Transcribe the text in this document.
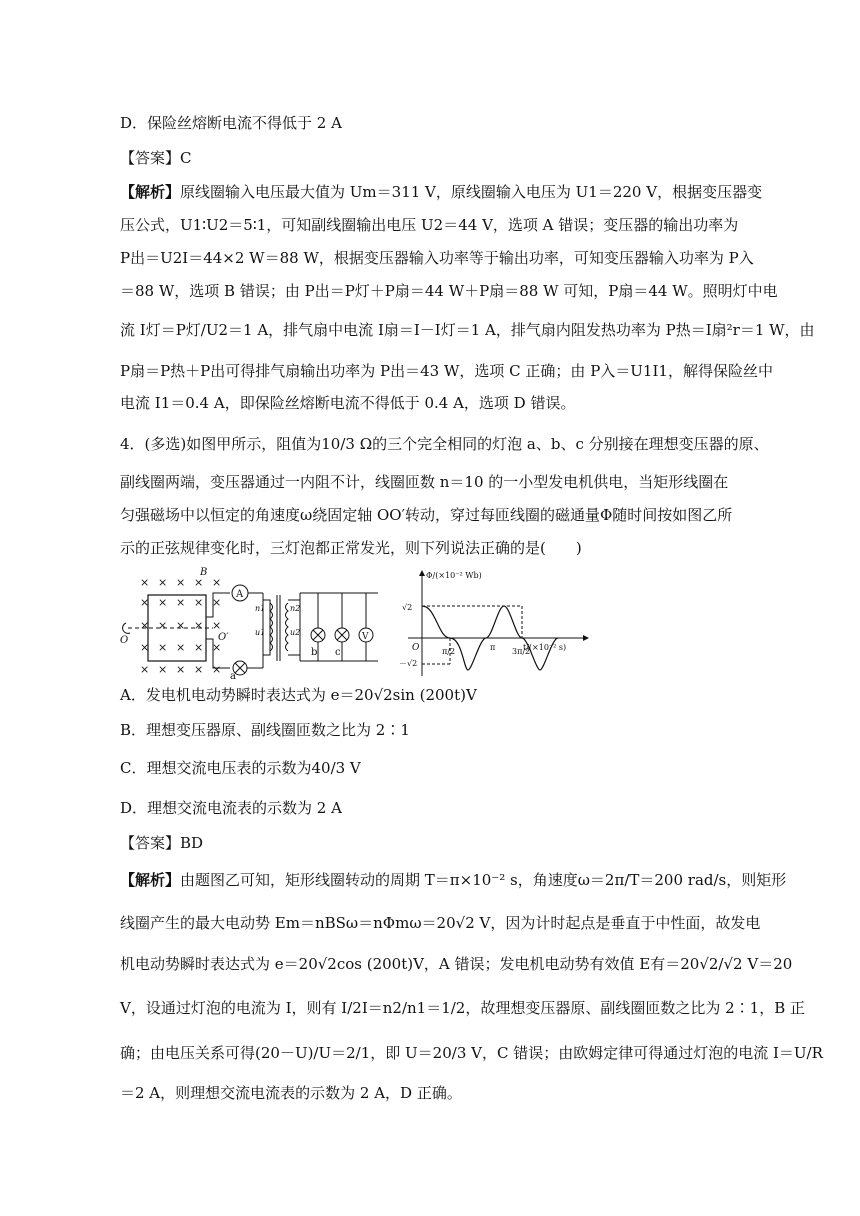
D．保险丝熔断电流不得低于 2 A
【答案】C
【解析】原线圈输入电压最大值为 Um＝311 V，原线圈输入电压为 U1＝220 V，根据变压器变
压公式，U1∶U2＝5∶1，可知副线圈输出电压 U2＝44 V，选项 A 错误；变压器的输出功率为
P出＝U2I＝44×2 W＝88 W，根据变压器输入功率等于输出功率，可知变压器输入功率为 P入
＝88 W，选项 B 错误；由 P出＝P灯＋P扇＝44 W＋P扇＝88 W 可知，P扇＝44 W。照明灯中电
流 I灯＝P灯/U2＝1 A，排气扇中电流 I扇＝I－I灯＝1 A，排气扇内阻发热功率为 P热＝I扇²r＝1 W，由
P扇＝P热＋P出可得排气扇输出功率为 P出＝43 W，选项 C 正确；由 P入＝U1I1，解得保险丝中
电流 I1＝0.4 A，即保险丝熔断电流不得低于 0.4 A，选项 D 错误。
4．(多选)如图甲所示，阻值为10/3 Ω的三个完全相同的灯泡 a、b、c 分别接在理想变压器的原、
副线圈两端，变压器通过一内阻不计，线圈匝数 n＝10 的一小型发电机供电，当矩形线圈在
匀强磁场中以恒定的角速度ω绕固定轴 OO′转动，穿过每匝线圈的磁通量Φ随时间按如图乙所
示的正弦规律变化时，三灯泡都正常发光，则下列说法正确的是(　　)
× × × × ×
× × × × ×
× × × × ×
× × × × ×
× × × × ×
B
O	O′
A
a
n1
u1
n2
u2
b c
V
Φ/(×10⁻² Wb)
t/(×10⁻² s)
√2
－√2
O	π/2	π 3π/2
A．发电机电动势瞬时表达式为 e＝20√2sin (200t)V
B．理想变压器原、副线圈匝数之比为 2∶1
C．理想交流电压表的示数为40/3 V
D．理想交流电流表的示数为 2 A
【答案】BD
【解析】由题图乙可知，矩形线圈转动的周期 T＝π×10⁻² s，角速度ω＝2π/T＝200 rad/s，则矩形
线圈产生的最大电动势 Em＝nBSω＝nΦmω＝20√2 V，因为计时起点是垂直于中性面，故发电
机电动势瞬时表达式为 e＝20√2cos (200t)V，A 错误；发电机电动势有效值 E有＝20√2/√2 V＝20
V，设通过灯泡的电流为 I，则有 I/2I＝n2/n1＝1/2，故理想变压器原、副线圈匝数之比为 2∶1，B 正
确；由电压关系可得(20－U)/U＝2/1，即 U＝20/3 V，C 错误；由欧姆定律可得通过灯泡的电流 I＝U/R
＝2 A，则理想交流电流表的示数为 2 A，D 正确。
